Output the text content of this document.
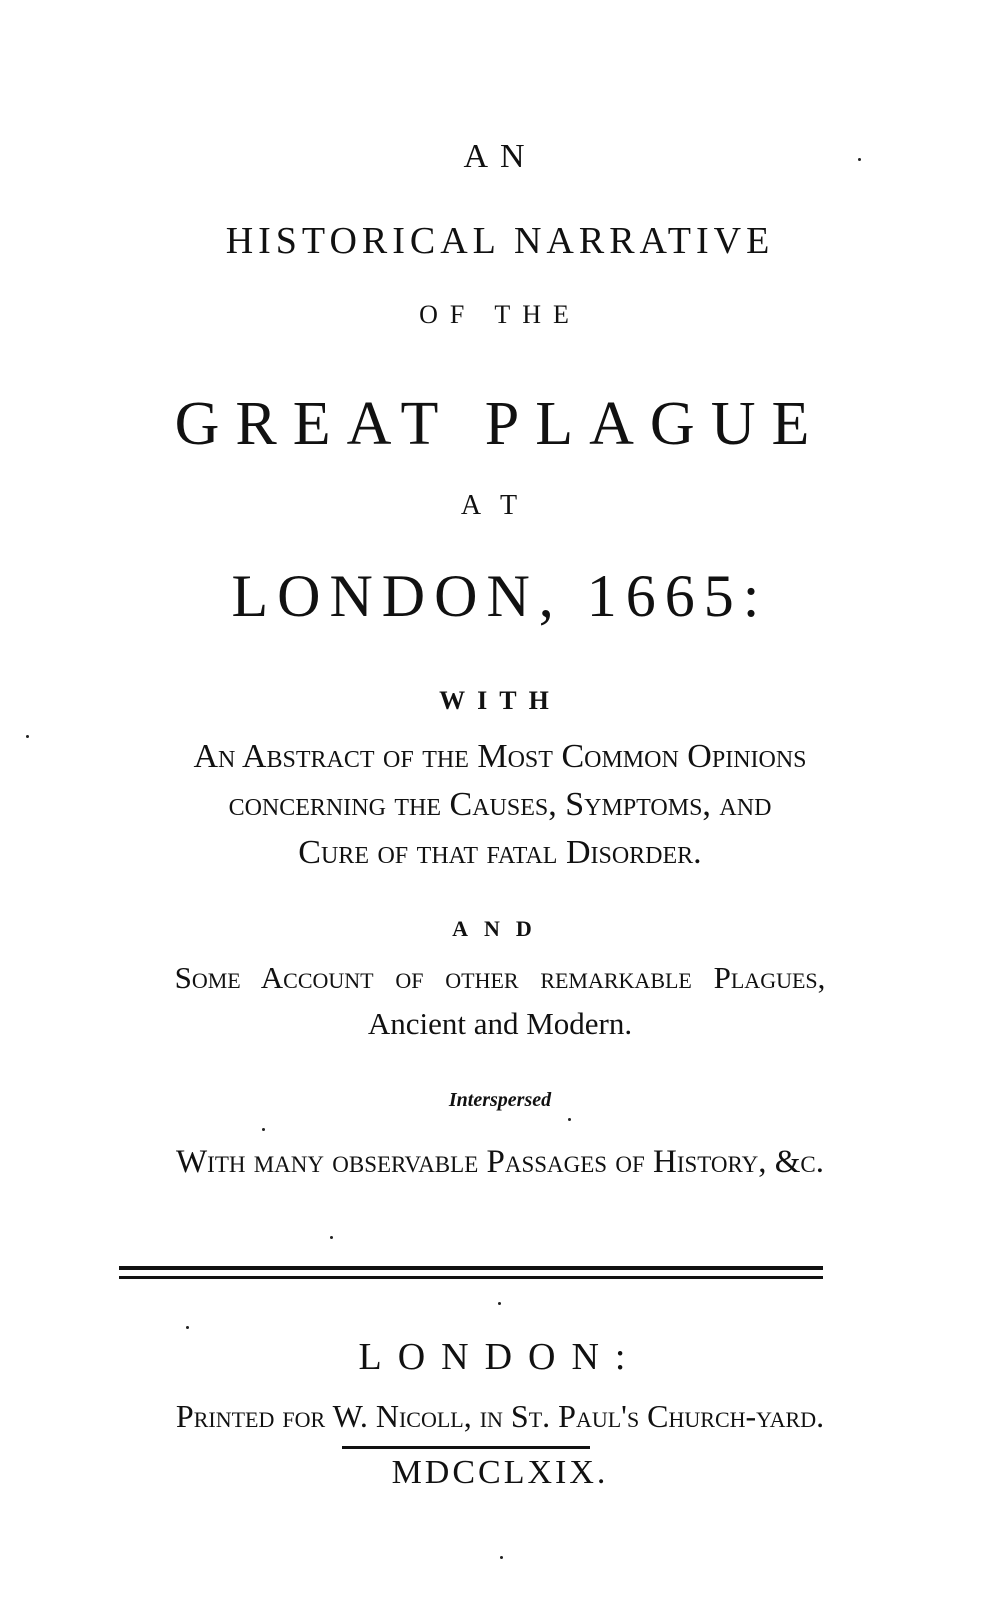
AN
HISTORICAL NARRATIVE
OF THE
GREAT PLAGUE
AT
LONDON, 1665:
WITH
An Abstract of the Most Common Opinions
concerning the Causes, Symptoms, and
Cure of that fatal Disorder.
AND
Some Account of other remarkable Plagues,
Ancient and Modern.
Interspersed
With many observable Passages of History, &c.
LONDON:
Printed for W. Nicoll, in St. Paul's Church-yard.
MDCCLXIX.
